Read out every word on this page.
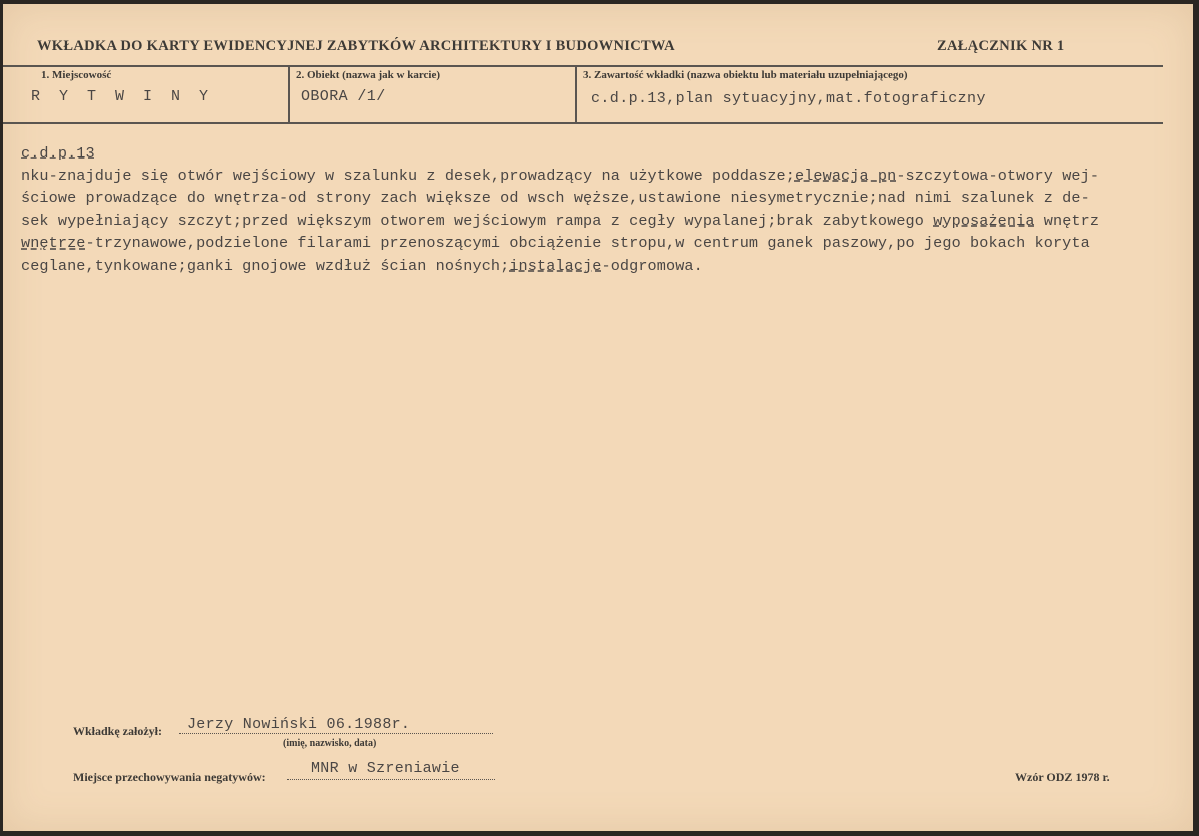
WKŁADKA DO KARTY EWIDENCYJNEJ ZABYTKÓW ARCHITEKTURY I BUDOWNICTWA	ZAŁĄCZNIK NR 1
1. Miejscowość
R Y T W I N Y
2. Obiekt (nazwa jak w karcie)
OBORA /1/
3. Zawartość wkładki (nazwa obiektu lub materiału uzupełniającego)
c.d.p.13,plan sytuacyjny,mat.fotograficzny
c.d.p.13
nku-znajduje się otwór wejściowy w szalunku z desek,prowadzący na użytkowe poddasze;elewacja pn-szczytowa-otwory wej-
ściowe prowadzące do wnętrza-od strony zach większe od wsch węższe,ustawione niesymetrycznie;nad nimi szalunek z de-
sek wypełniający szczyt;przed większym otworem wejściowym rampa z cegły wypalanej;brak zabytkowego wyposażenia wnętrz
wnętrze-trzynawowe,podzielone filarami przenoszącymi obciążenie stropu,w centrum ganek paszowy,po jego bokach koryta
ceglane,tynkowane;ganki gnojowe wzdłuż ścian nośnych;instalacje-odgromowa.
Wkładkę założył: Jerzy Nowiński 06.1988r.
(imię, nazwisko, data)
Miejsce przechowywania negatywów:	MNR w Szreniawie	Wzór ODZ 1978 r.
